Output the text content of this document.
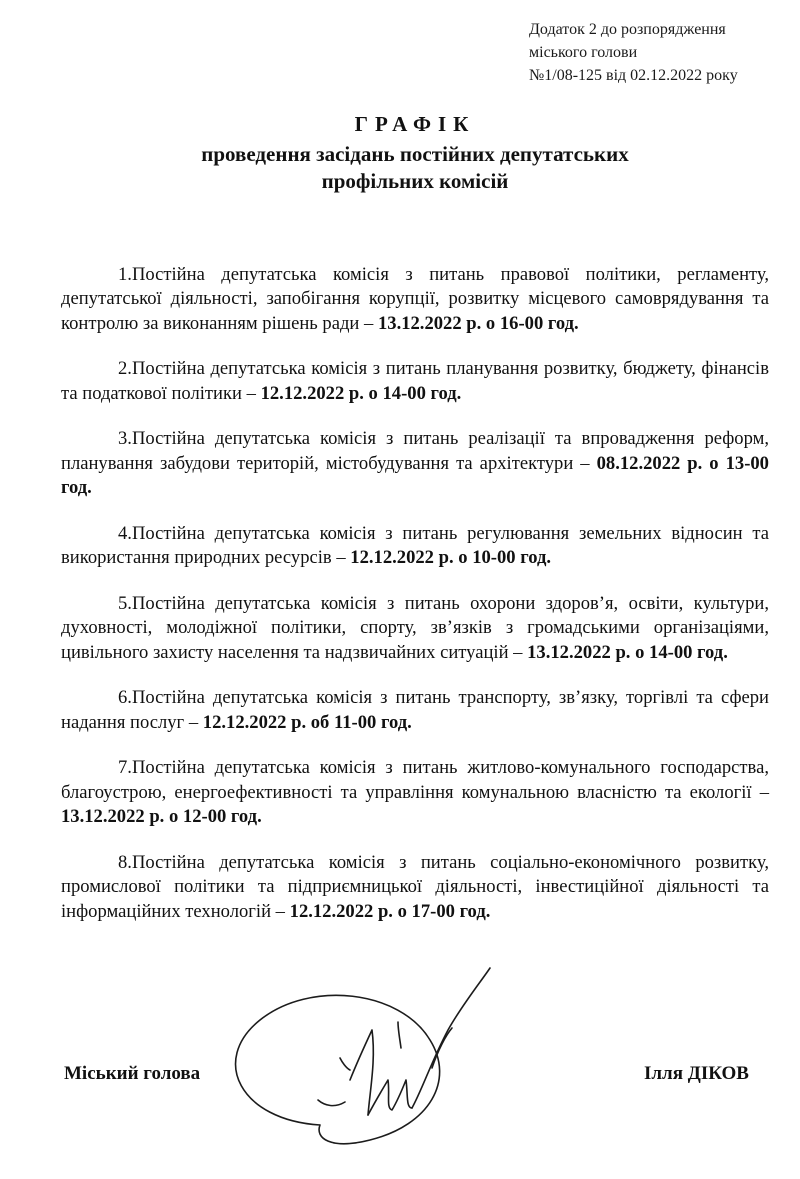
Додаток 2 до розпорядження
міського голови
№1/08-125 від 02.12.2022 року
ГРАФІК
проведення засідань постійних депутатських
профільних комісій

1.Постійна депутатська комісія з питань правової політики, регламенту, депутатської діяльності, запобігання корупції, розвитку місцевого самоврядування та контролю за виконанням рішень ради – 13.12.2022 р. о 16-00 год.

2.Постійна депутатська комісія з питань планування розвитку, бюджету, фінансів та податкової політики – 12.12.2022 р. о 14-00 год.

3.Постійна депутатська комісія з питань реалізації та впровадження реформ, планування забудови територій, містобудування та архітектури – 08.12.2022 р. о 13-00 год.

4.Постійна депутатська комісія з питань регулювання земельних відносин та використання природних ресурсів – 12.12.2022 р. о 10-00 год.

5.Постійна депутатська комісія з питань охорони здоров’я, освіти, культури, духовності, молодіжної політики, спорту, зв’язків з громадськими організаціями, цивільного захисту населення та надзвичайних ситуацій – 13.12.2022 р. о 14-00 год.

6.Постійна депутатська комісія з питань транспорту, зв’язку, торгівлі та сфери надання послуг – 12.12.2022 р. об 11-00 год.

7.Постійна депутатська комісія з питань житлово-комунального господарства, благоустрою, енергоефективності та управління комунальною власністю та екології – 13.12.2022 р. о 12-00 год.

8.Постійна депутатська комісія з питань соціально-економічного розвитку, промислової політики та підприємницької діяльності, інвестиційної діяльності та інформаційних технологій – 12.12.2022 р. о 17-00 год.

Міський голова	Ілля ДІКОВ
